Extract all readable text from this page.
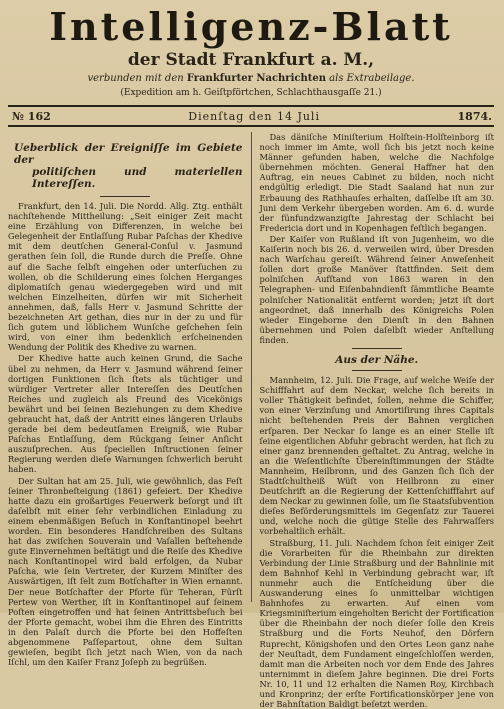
Intelligenz-Blatt
der Stadt Frankfurt a. M.,
verbunden mit den Frankfurter Nachrichten als Extrabeilage.
(Expedition am h. Geiſtpförtchen, Schlachthausgaſſe 21.)
№ 162	Dienſtag den 14 Juli	1874.
Ueberblick der Ereigniſſe im Gebiete der
politiſchen und materiellen Intereſſen.

Frankfurt, den 14. Juli. Die Nordd. Allg. Ztg. enthält nachſtehende Mittheilung: „Seit einiger Zeit macht eine Erzählung von Differenzen, in welche bei Gelegenheit der Entlaſſung Rubar Paſchas der Khedive mit dem deutſchen General-Conſul v. Jasmund gerathen ſein ſoll, die Runde durch die Preſſe. Ohne auf die Sache ſelbſt eingehen oder unterſuchen zu wollen, ob die Schilderung eines ſolchen Herganges diplomatiſch genau wiedergegeben wird und mit welchen Einzelheiten, dürfen wir mit Sicherheit annehmen, daß, falls Herr v. Jasmund Schritte der bezeichneten Art gethan, dies nur in der zu und für ſich gutem und löblichem Wunſche geſchehen ſein wird, von einer ihm bedenklich erſcheinenden Wendung der Politik des Khedive zu warnen.

Der Khedive hatte auch keinen Grund, die Sache übel zu nehmen, da Herr v. Jasmund während ſeiner dortigen Funktionen ſich ſtets als tüchtiger und würdiger Vertreter aller Intereſſen des Deutſchen Reiches und zugleich als Freund des Vicekönigs bewährt und bei ſeinen Beziehungen zu dem Khedive gebraucht hat, daß der Antritt eines längeren Urlaubs gerade bei dem bedeutſamen Ereigniß, wie Rubar Paſchas Entlaſſung, dem Rückgang ſeiner Anſicht auszuſprechen. Aus ſpeciellen Inſtructionen ſeiner Regierung werden dieſe Warnungen ſchwerlich beruht haben.

Der Sultan hat am 25. Juli, wie gewöhnlich, das Feſt ſeiner Thronbeſteigung (1861) gefeiert. Der Khedive hatte dazu ein großartiges Feuerwerk beſorgt und iſt daſelbſt mit einer ſehr verbindlichen Einladung zu einem ebenmäßigen Beſuch in Konſtantinopel beehrt worden. Ein besonderes Handſchreiben des Sultans hat das zwiſchen Souverain und Vaſallen beſtehende gute Einvernehmen beſtätigt und die Reiſe des Khedive nach Konſtantinopel wird bald erfolgen, da Nubar Paſcha, wie ſein Vertreter, der Kurzem Miniſter des Auswärtigen, iſt ſelt zum Botſchafter in Wien ernannt. Der neue Botſchafter der Pforte für Teheran, Fürſt Pertew von Werther, iſt in Konſtantinopel auf ſeinem Poſten eingetroffen und hat ſeinen Antrittsbeſuch bei der Pforte gemacht, wobei ihm die Ehren des Eintritts in den Palaſt durch die Pforte bei den Hoffeſten abgenommene Paſſepartout, ohne dem Sultan gewieſen, begibt ſich jetzt nach Wien, von da nach Iſchl, um den Kaiſer Franz Joſeph zu begrüßen.

Das däniſche Miniſterium Holſtein-Holſteinborg iſt noch immer im Amte, woll ſich bis jetzt noch keine Männer gefunden haben, welche die Nachfolge übernehmen möchten. General Haffner hat den Auftrag, ein neues Cabinet zu bilden, noch nicht endgültig erledigt. Die Stadt Saaland hat nun zur Erbauung des Rathhauſes erhalten, daſſelbe iſt am 30. Juni dem Verkehr übergeben worden. Am 6. d. wurde der fünfundzwanzigſte Jahrestag der Schlacht bei Fredericia dort und in Kopenhagen feſtlich begangen.

Der Kaiſer von Rußland iſt von Jugenheim, wo die Kaiſerin noch bis 26. d. verweilen wird, über Dresden nach Warſchau gereiſt. Während ſeiner Anweſenheit ſollen dort große Manöver ſtattfinden. Seit dem polniſchen Aufſtand von 1863 waren in den Telegraphen- und Eiſenbahndienſt ſämmtliche Beamte polniſcher Nationalität entfernt worden; jetzt iſt dort angeordnet, daß innerhalb des Königreichs Polen wieder Eingeborne den Dienſt in den Bahnen übernehmen und Polen daſelbſt wieder Anſtellung finden.

Aus der Nähe.

Mannheim, 12. Juli. Die Frage, auf welche Weiſe der Schifffahrt auf dem Neckar, welche ſich bereits in voller Thätigkeit befindet, ſollen, nehme die Schiffer, von einer Verzinſung und Amortiſirung ihres Capitals nicht beſtehenden Preis der Bahnen verglichen erſparen. Der Neckar ſo lange es an einer Stelle iſt ſeine eigentlichen Abfuhr gebracht werden, hat ſich zu einer ganz brennenden geſtaltet. Zu Antrag, welche in an die Weſentlichſte Übereinſtimmungen der Städte Mannheim, Heilbronn, und des Ganzen ſich ſich der Stadtſchultheiß Wüſt von Heilbronn zu einer Deutſchrift an die Regierung der Kettenſchifffahrt auf dem Neckar zu gewinnen ſolle, um ſie Staatsſubvention dieſes Beförderungsmittels im Gegenſatz zur Tauerei und, welche noch die gütige Stelle des Fahrwaſſers vorbehaltlich erhält.

Straßburg, 11. Juli. Nachdem ſchon ſeit einiger Zeit die Vorarbeiten für die Rheinbahn zur direkten Verbindung der Linie Straßburg und der Bahnlinie mit dem Bahnhof Kehl in Verbindung gebracht war, iſt nunmehr auch die Entſcheidung über die Auswanderung eines ſo unmittelbar wichtigen Bahnhofes zu erwarten. Auf einen vom Kriegsminiſterium eingeholten Bericht der Fortification über die Rheinbahn der noch dieſer ſolle den Kreis Straßburg und die Forts Neuhof, den Dörfern Ruprecht, Königshofen und den Ortes Leon ganz nahe der Neuſtadt, dem Fundament eingeſchloſſen werden, damit man die Arbeiten noch vor dem Ende des Jahres unternimmt in dieſem Jahre beginnen. Die drei Forts Nr. 10, 11 und 12 erhalten die Namen Roy, Kirchbach und Kronprinz; der erſte Fortificationskörper jene von der Bahnſtation Baldigt beſetzt werden.
